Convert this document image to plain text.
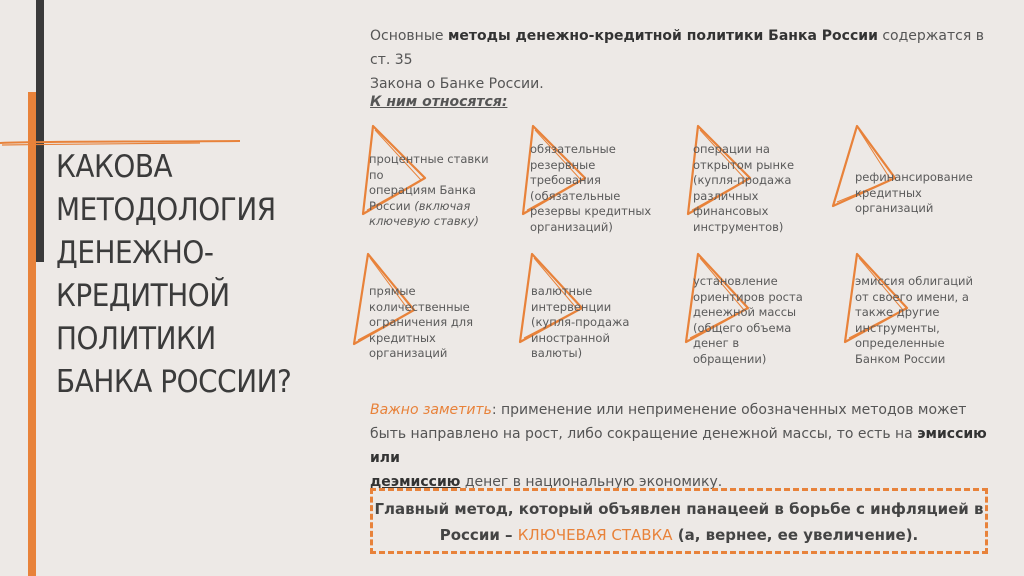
КАКОВА
МЕТОДОЛОГИЯ
ДЕНЕЖНО-
КРЕДИТНОЙ
ПОЛИТИКИ
БАНКА РОССИИ?
Основные методы денежно-кредитной политики Банка России содержатся в ст. 35
Закона о Банке России.
К ним относятся:
процентные ставки
по
операциям Банка
России (включая
ключевую ставку)
обязательные
резервные
требования
(обязательные
резервы кредитных
организаций)
операции на
открытом рынке
(купля-продажа
различных
финансовых
инструментов)
рефинансирование
кредитных
организаций
прямые
количественные
ограничения для
кредитных
организаций
валютные
интервенции
(купля-продажа
иностранной
валюты)
установление
ориентиров роста
денежной массы
(общего объема
денег в
обращении)
эмиссия облигаций
от своего имени, а
также другие
инструменты,
определенные
Банком России
Важно заметить: применение или неприменение обозначенных методов может
быть направлено на рост, либо сокращение денежной массы, то есть на эмиссию или
деэмиссию денег в национальную экономику.
Главный метод, который объявлен панацеей в борьбе с инфляцией в
России – КЛЮЧЕВАЯ СТАВКА (а, вернее, ее увеличение).
